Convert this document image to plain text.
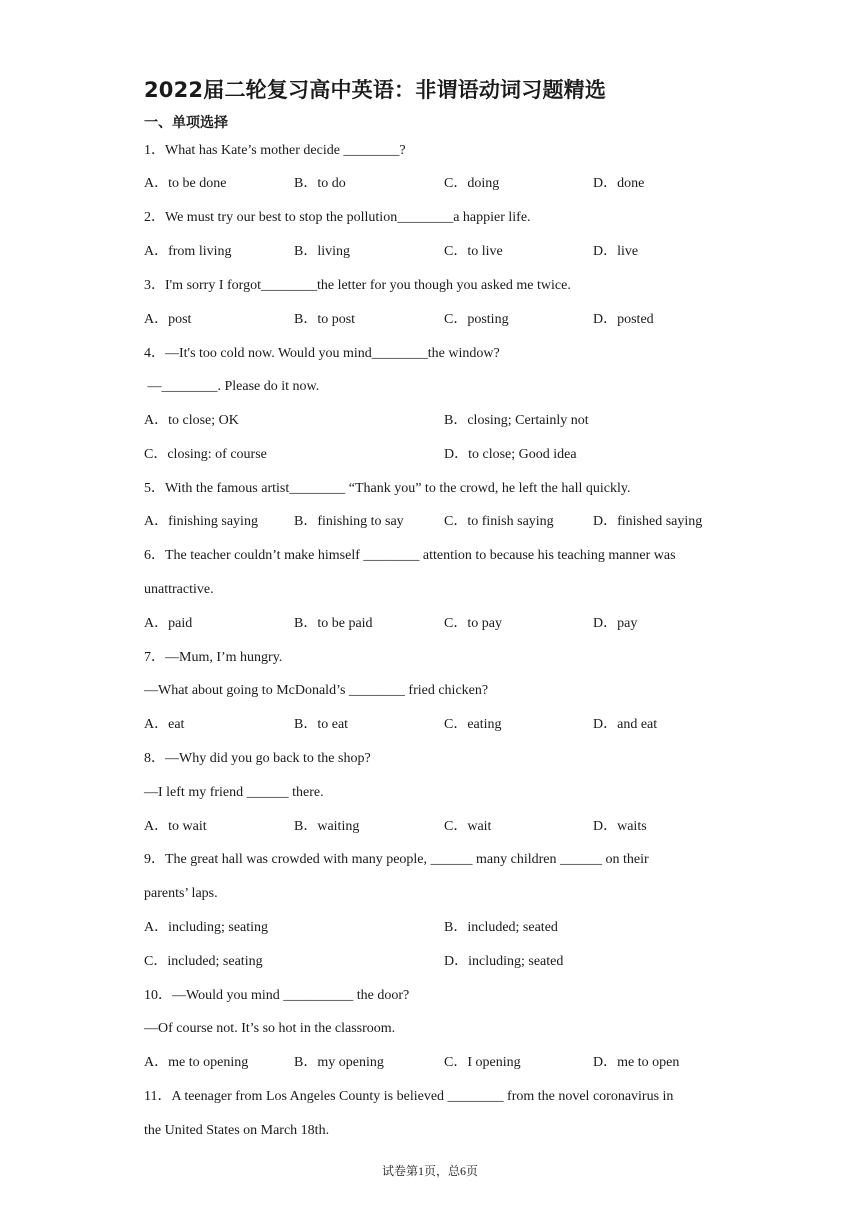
2022届二轮复习高中英语：非谓语动词习题精选
一、单项选择
1．What has Kate’s mother decide ________?
A．to be done	B．to do	C．doing	D．done
2．We must try our best to stop the pollution________a happier life.
A．from living	B．living	C．to live	D．live
3．I'm sorry I forgot________the letter for you though you asked me twice.
A．post	B．to post	C．posting	D．posted
4．—It's too cold now. Would you mind________the window?
—________. Please do it now.
A．to close; OK	B．closing; Certainly not
C．closing: of course	D．to close; Good idea
5．With the famous artist________ “Thank you” to the crowd, he left the hall quickly.
A．finishing saying	B．finishing to say	C．to finish saying	D．finished saying
6．The teacher couldn’t make himself ________ attention to because his teaching manner was
unattractive.
A．paid	B．to be paid	C．to pay	D．pay
7．—Mum, I’m hungry.
—What about going to McDonald’s ________ fried chicken?
A．eat	B．to eat	C．eating	D．and eat
8．—Why did you go back to the shop?
—I left my friend ______ there.
A．to wait	B．waiting	C．wait	D．waits
9．The great hall was crowded with many people, ______ many children ______ on their
parents’ laps.
A．including; seating	B．included; seated
C．included; seating	D．including; seated
10．—Would you mind __________ the door?
—Of course not. It’s so hot in the classroom.
A．me to opening	B．my opening	C．I opening	D．me to open
11．A teenager from Los Angeles County is believed ________ from the novel coronavirus in
the United States on March 18th.
试卷第1页，总6页
